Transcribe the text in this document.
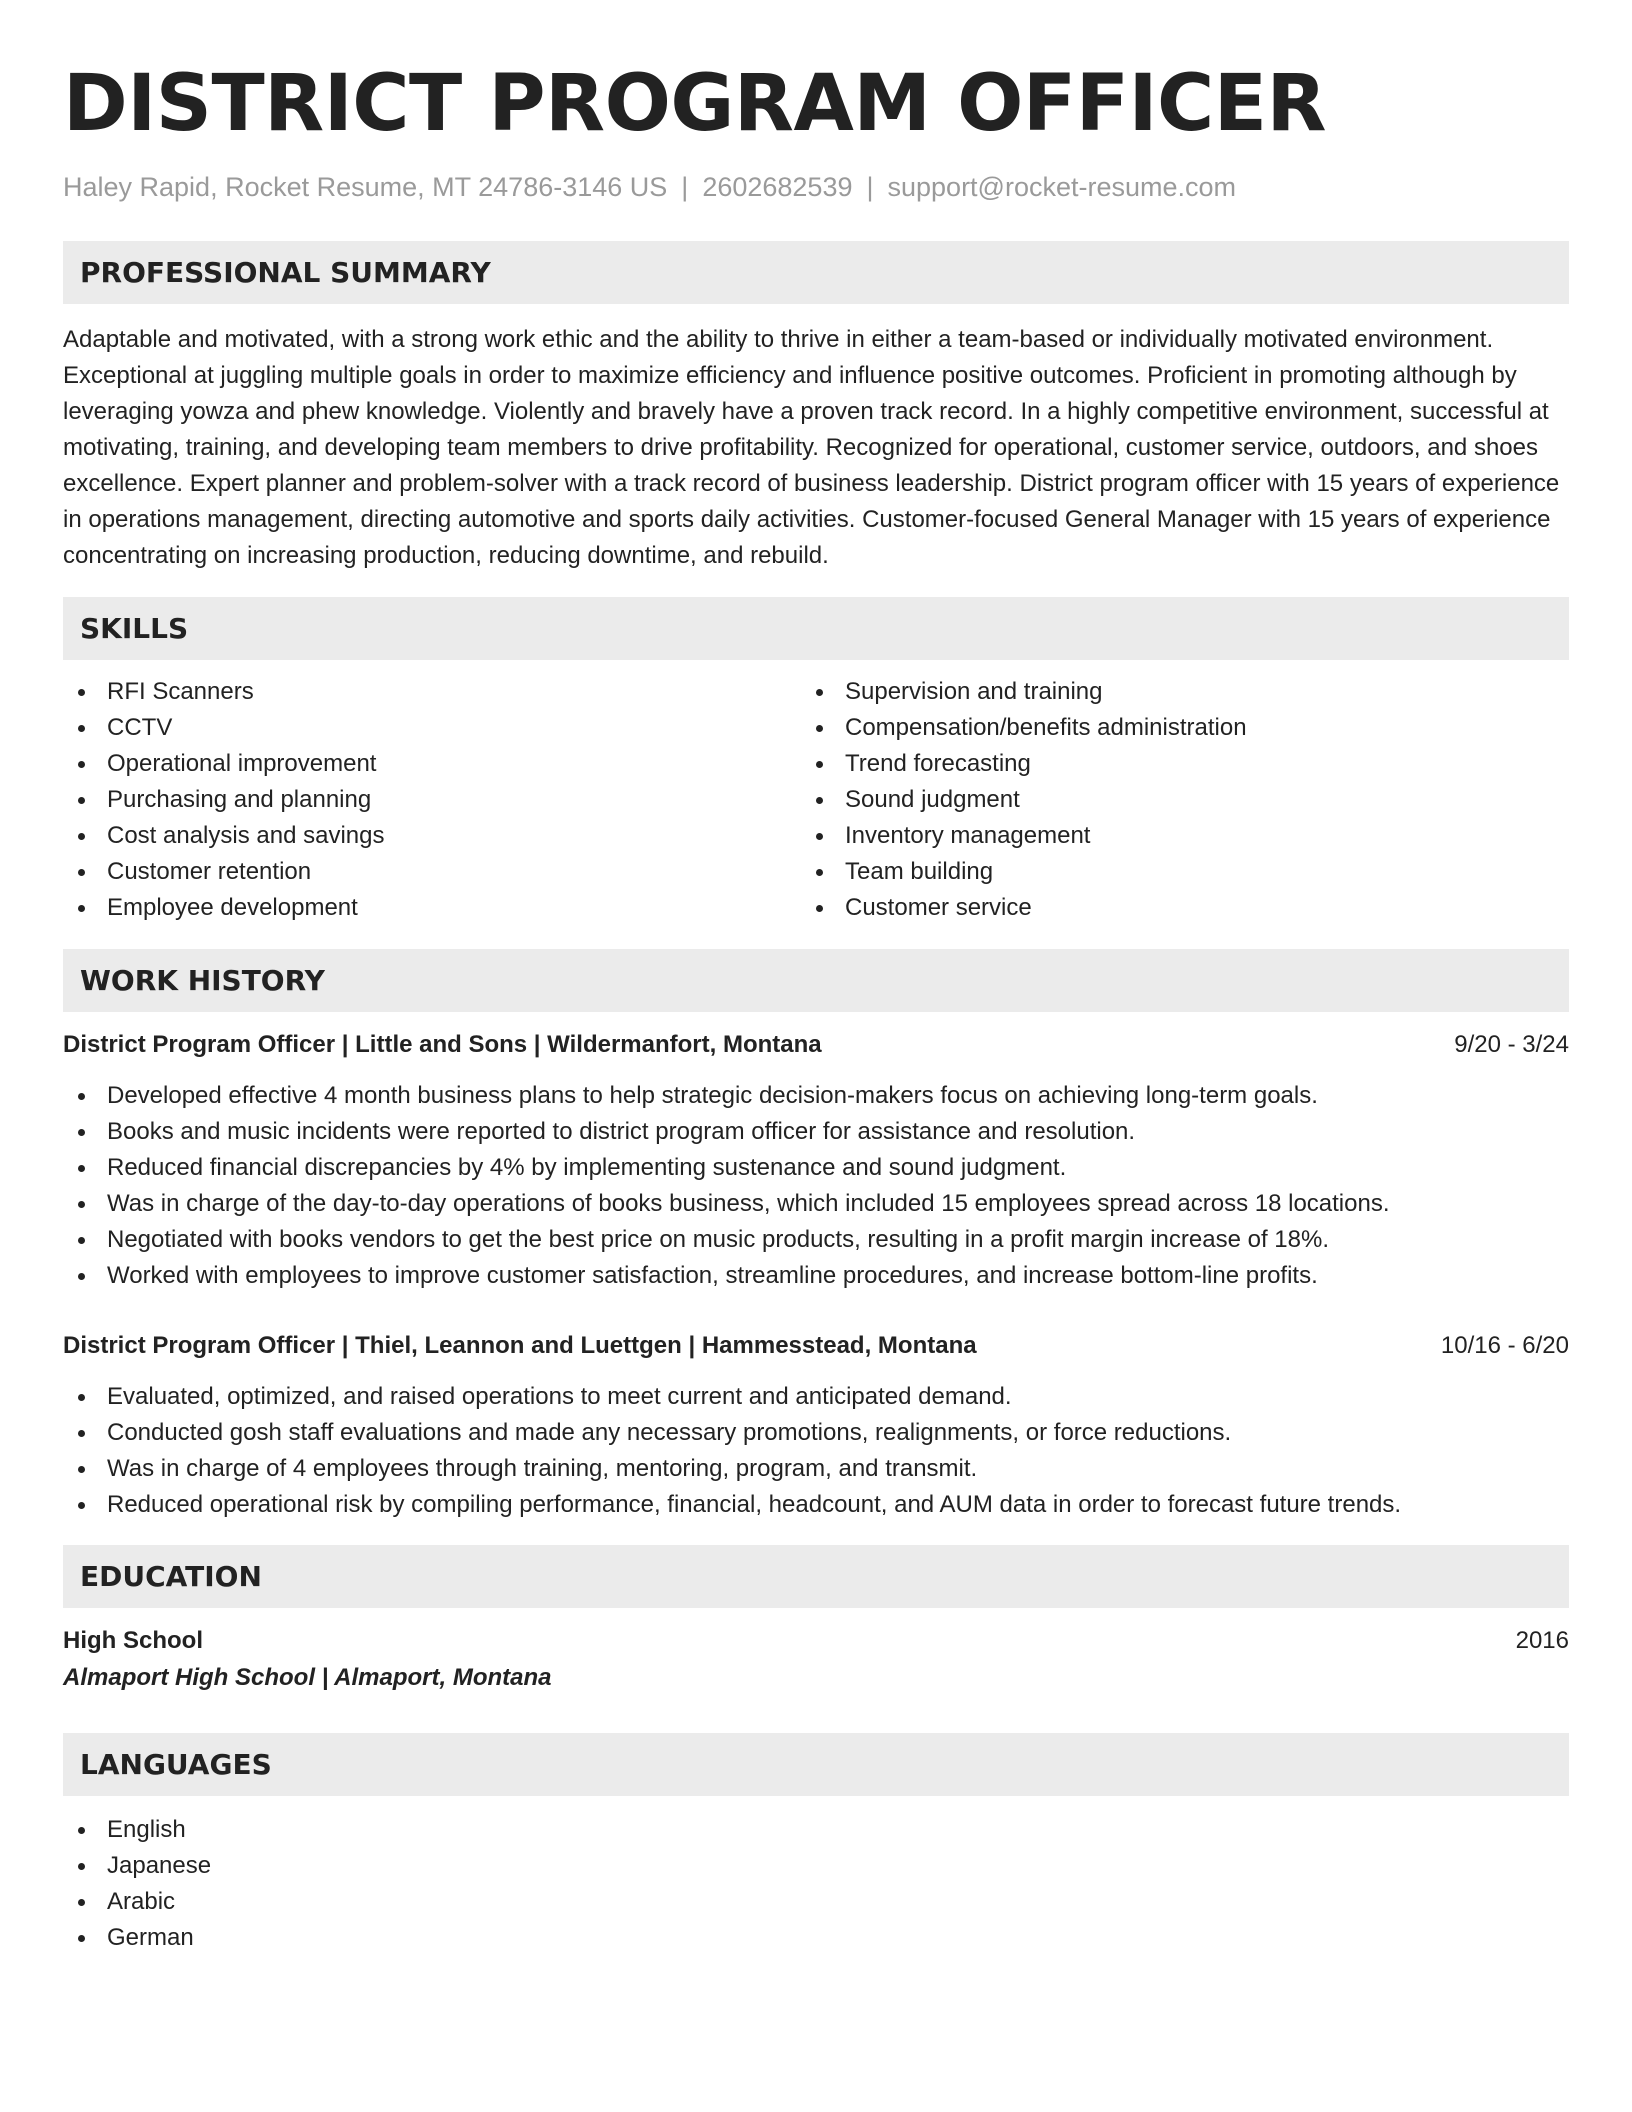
DISTRICT PROGRAM OFFICER
Haley Rapid, Rocket Resume, MT 24786-3146 US | 2602682539 | support@rocket-resume.com
PROFESSIONAL SUMMARY

Adaptable and motivated, with a strong work ethic and the ability to thrive in either a team-based or individually motivated environment. Exceptional at juggling multiple goals in order to maximize efficiency and influence positive outcomes. Proficient in promoting although by leveraging yowza and phew knowledge. Violently and bravely have a proven track record. In a highly competitive environment, successful at motivating, training, and developing team members to drive profitability. Recognized for operational, customer service, outdoors, and shoes excellence. Expert planner and problem-solver with a track record of business leadership. District program officer with 15 years of experience in operations management, directing automotive and sports daily activities. Customer-focused General Manager with 15 years of experience concentrating on increasing production, reducing downtime, and rebuild.

SKILLS
RFI Scanners
CCTV
Operational improvement
Purchasing and planning
Cost analysis and savings
Customer retention
Employee development
Supervision and training
Compensation/benefits administration
Trend forecasting
Sound judgment
Inventory management
Team building
Customer service
WORK HISTORY
District Program Officer | Little and Sons | Wildermanfort, Montana	9/20 - 3/24
Developed effective 4 month business plans to help strategic decision-makers focus on achieving long-term goals.
Books and music incidents were reported to district program officer for assistance and resolution.
Reduced financial discrepancies by 4% by implementing sustenance and sound judgment.
Was in charge of the day-to-day operations of books business, which included 15 employees spread across 18 locations.
Negotiated with books vendors to get the best price on music products, resulting in a profit margin increase of 18%.
Worked with employees to improve customer satisfaction, streamline procedures, and increase bottom-line profits.
District Program Officer | Thiel, Leannon and Luettgen | Hammesstead, Montana	10/16 - 6/20
Evaluated, optimized, and raised operations to meet current and anticipated demand.
Conducted gosh staff evaluations and made any necessary promotions, realignments, or force reductions.
Was in charge of 4 employees through training, mentoring, program, and transmit.
Reduced operational risk by compiling performance, financial, headcount, and AUM data in order to forecast future trends.
EDUCATION
High School	2016
Almaport High School | Almaport, Montana
LANGUAGES
English
Japanese
Arabic
German
